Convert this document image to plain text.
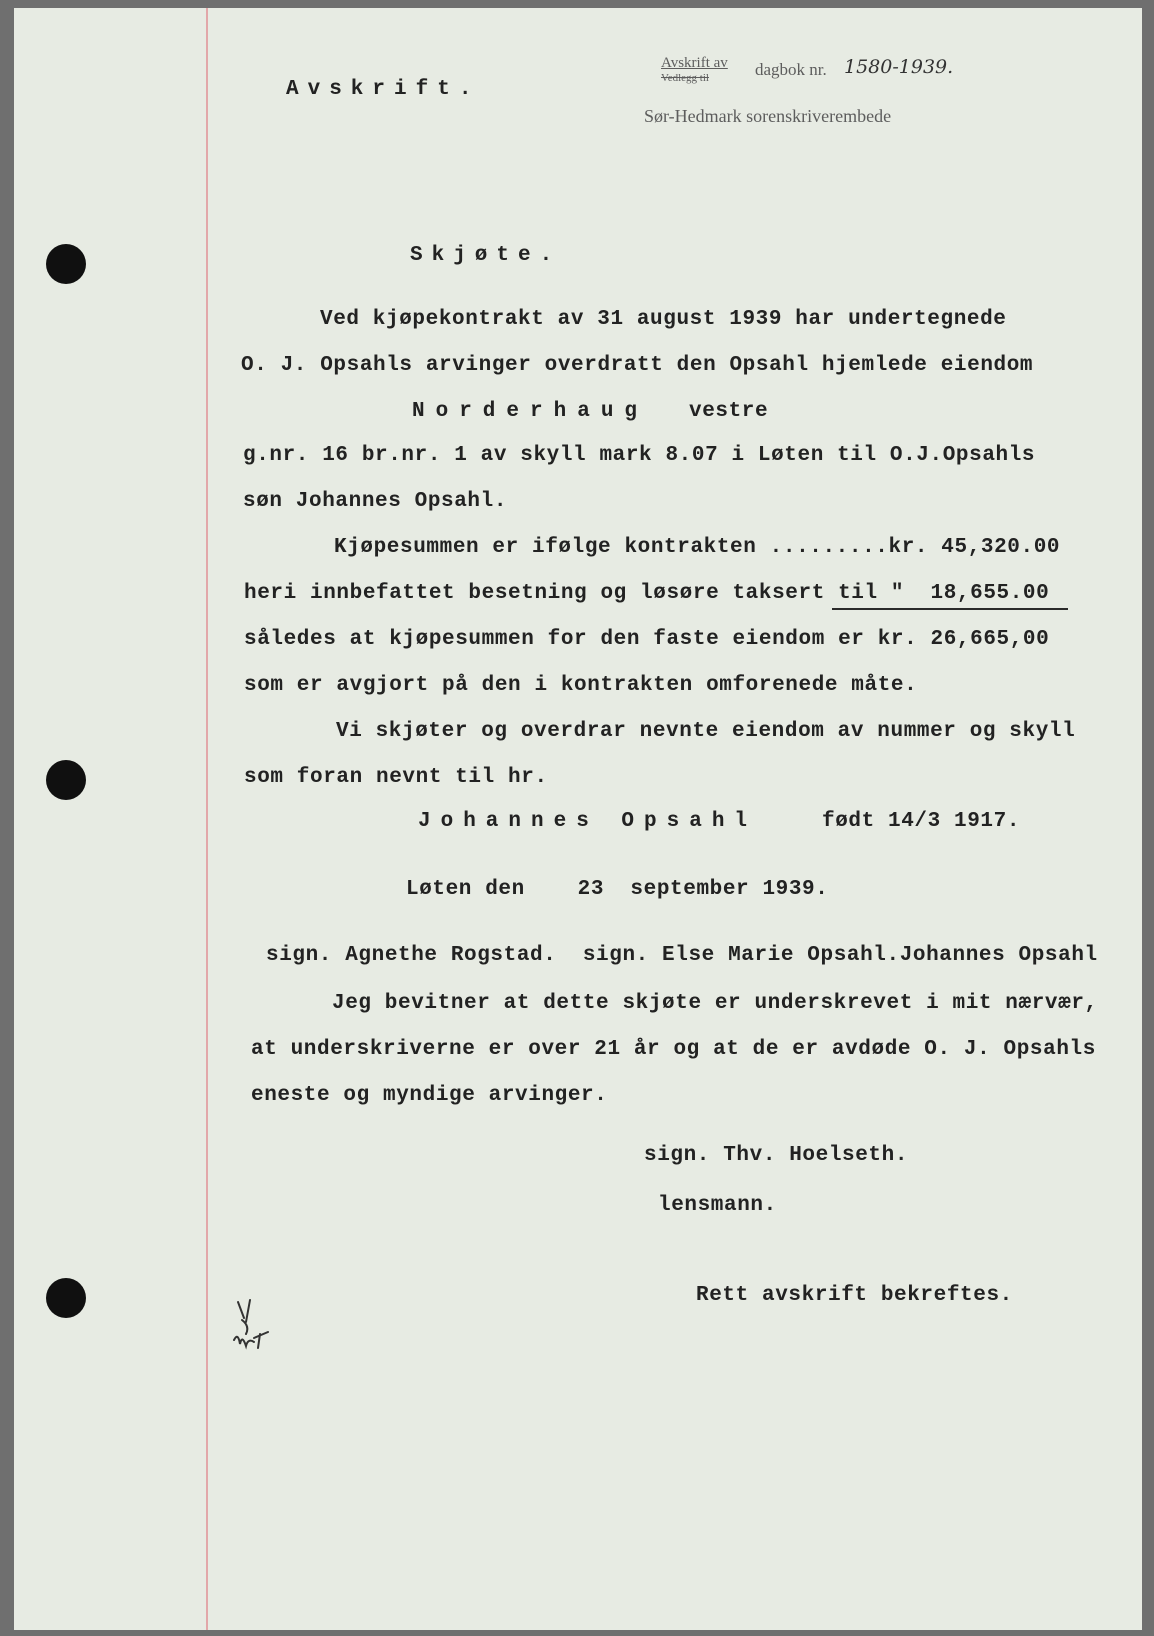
Avskrift.
Avskrift av
Vedlegg til	dagbok nr. 1580-1939.
Sør-Hedmark sorenskriverembede
Skjøte.
Ved kjøpekontrakt av 31 august 1939 har undertegnede
O. J. Opsahls arvinger overdratt den Opsahl hjemlede eiendom
Norderhaug vestre
g.nr. 16 br.nr. 1 av skyll mark 8.07 i Løten til O.J.Opsahls
søn Johannes Opsahl.
Kjøpesummen er ifølge kontrakten .........kr. 45,320.00
heri innbefattet besetning og løsøre taksert til "  18,655.00
således at kjøpesummen for den faste eiendom er kr. 26,665,00
som er avgjort på den i kontrakten omforenede måte.
Vi skjøter og overdrar nevnte eiendom av nummer og skyll
som foran nevnt til hr.
Johannes Opsahl	født 14/3 1917.
Løten den    23  september 1939.
sign. Agnethe Rogstad.  sign. Else Marie Opsahl.Johannes Opsahl
Jeg bevitner at dette skjøte er underskrevet i mit nærvær,
at underskriverne er over 21 år og at de er avdøde O. J. Opsahls
eneste og myndige arvinger.
sign. Thv. Hoelseth.
lensmann.
Rett avskrift bekreftes.
